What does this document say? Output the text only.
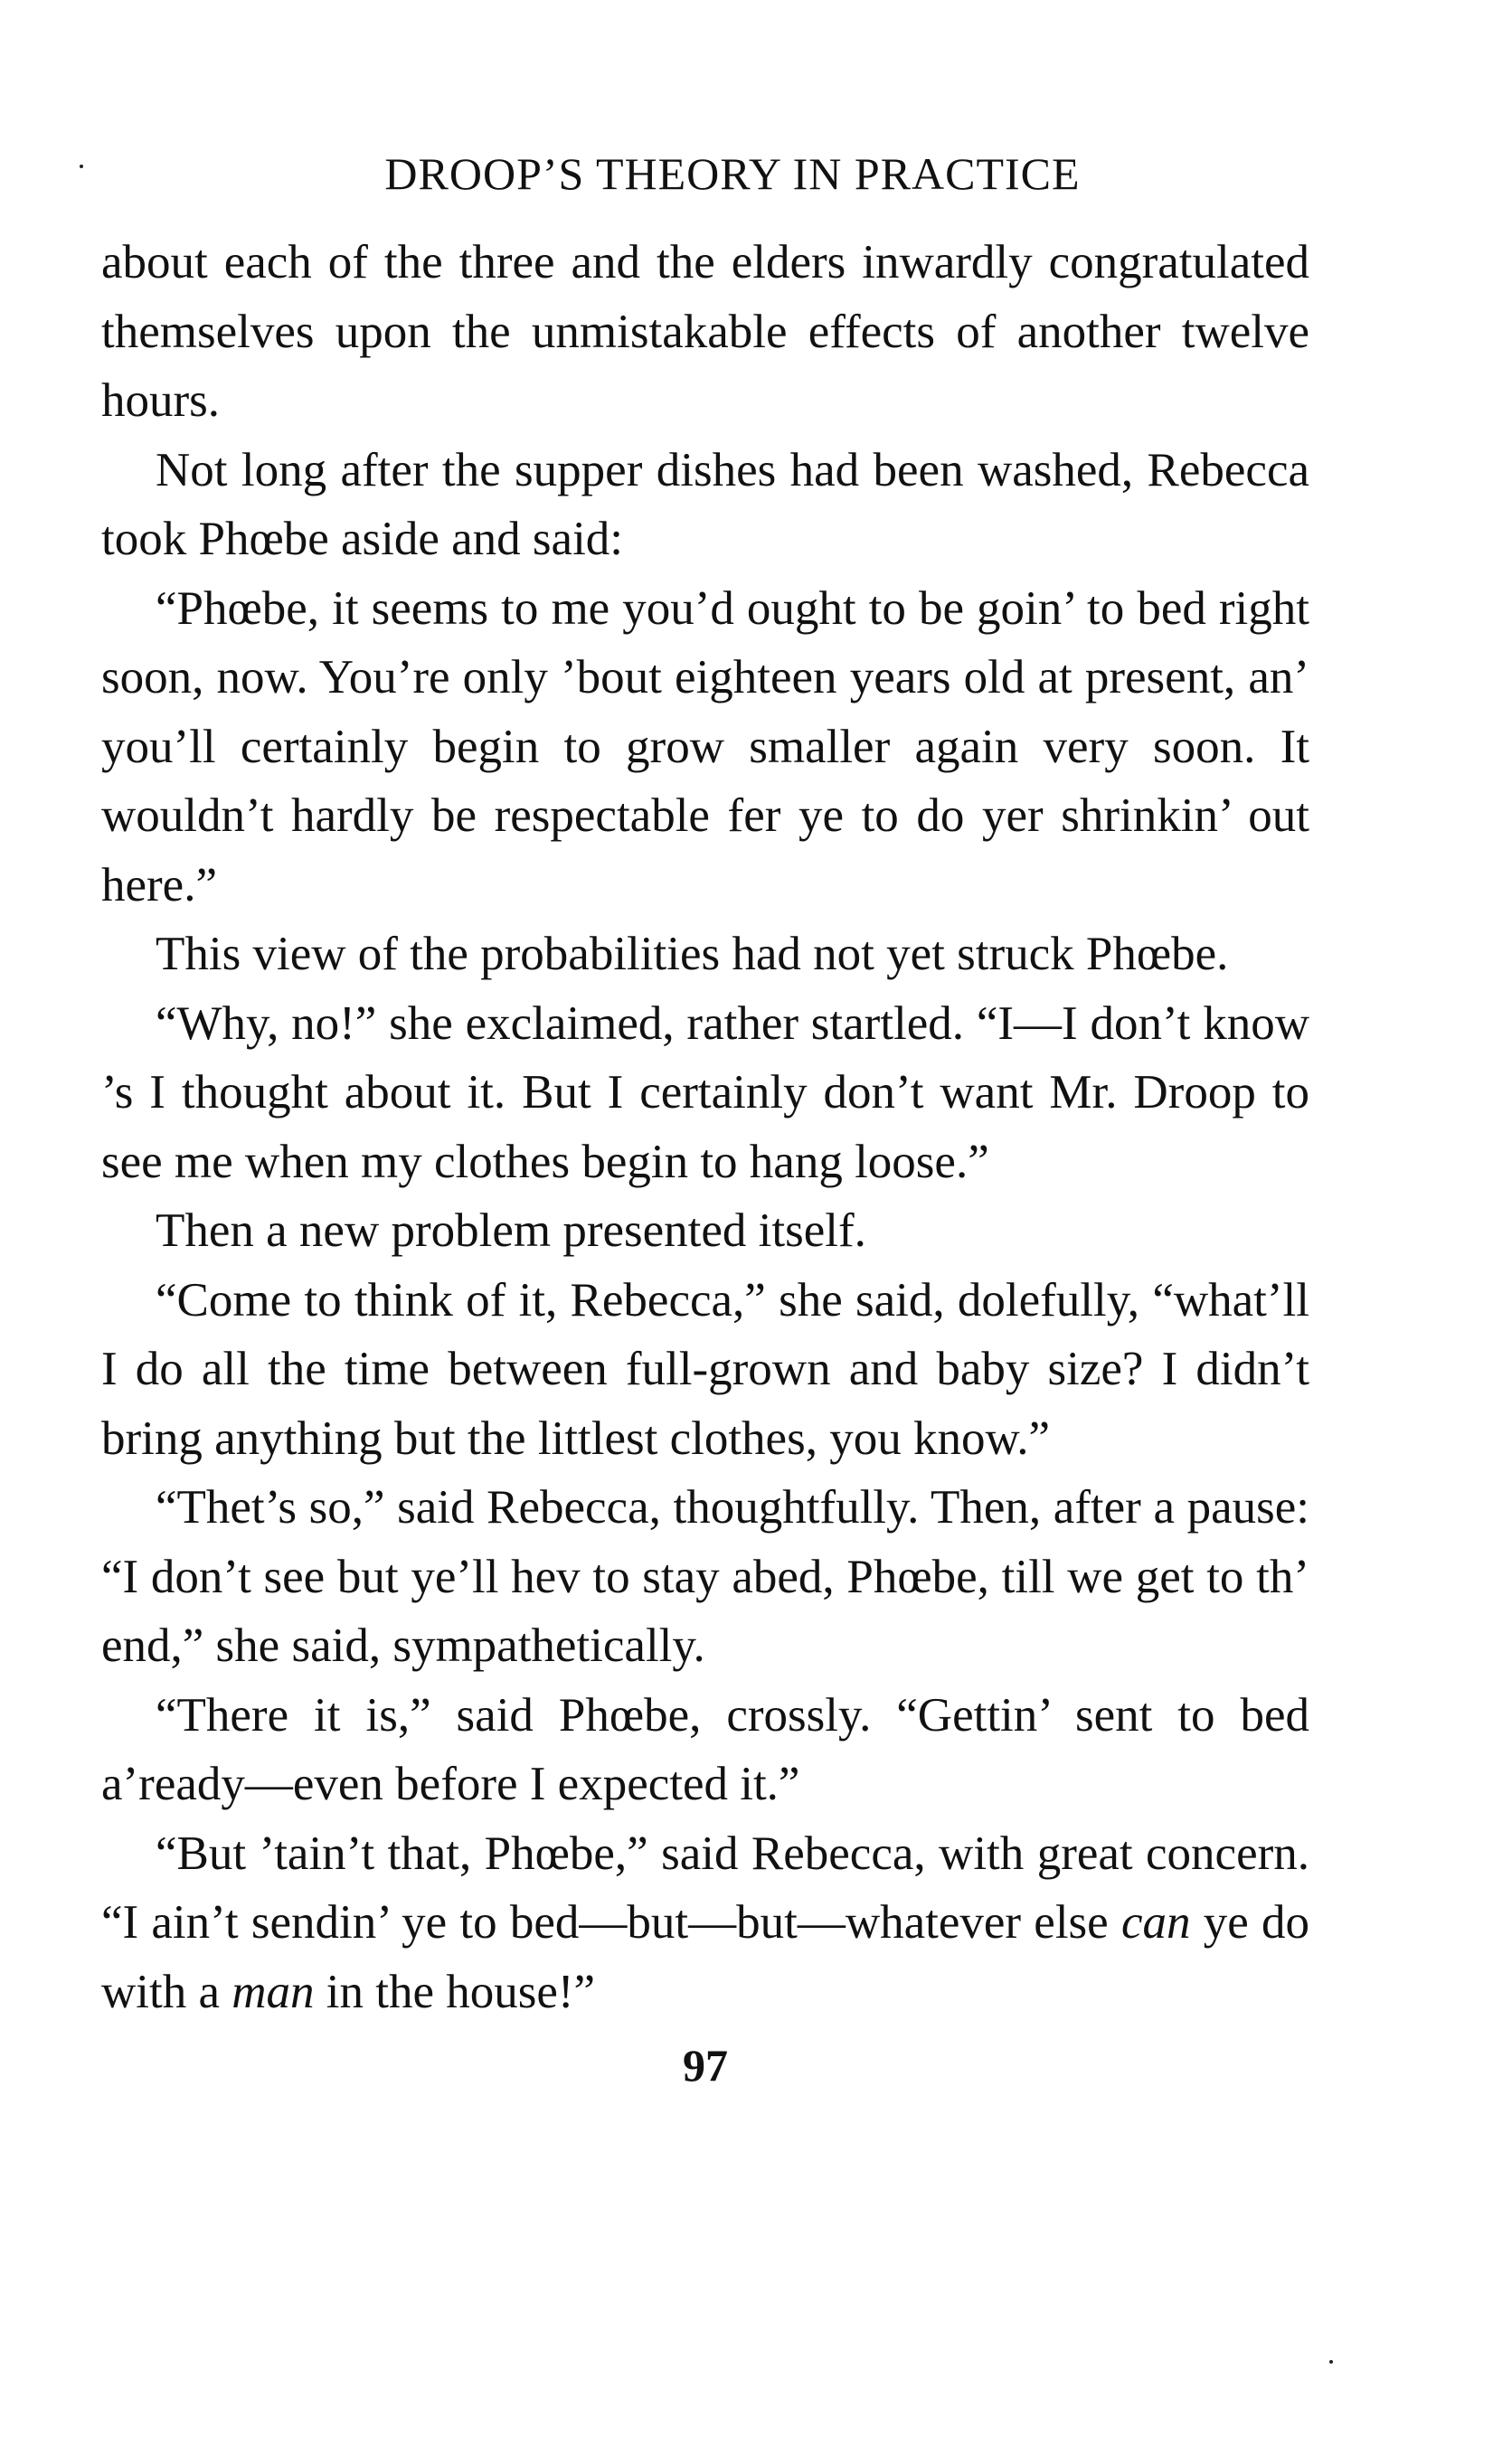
DROOP’S THEORY IN PRACTICE

about each of the three and the elders inwardly congratulated themselves upon the unmistakable effects of another twelve hours.

Not long after the supper dishes had been washed, Rebecca took Phœbe aside and said:

“Phœbe, it seems to me you’d ought to be goin’ to bed right soon, now. You’re only ’bout eighteen years old at present, an’ you’ll certainly begin to grow smaller again very soon. It wouldn’t hardly be respectable fer ye to do yer shrinkin’ out here.”

This view of the probabilities had not yet struck Phœbe.

“Why, no!” she exclaimed, rather startled. “I—I don’t know ’s I thought about it. But I certainly don’t want Mr. Droop to see me when my clothes begin to hang loose.”

Then a new problem presented itself.

“Come to think of it, Rebecca,” she said, dolefully, “what’ll I do all the time between full-grown and baby size? I didn’t bring anything but the littlest clothes, you know.”

“Thet’s so,” said Rebecca, thoughtfully. Then, after a pause: “I don’t see but ye’ll hev to stay abed, Phœbe, till we get to th’ end,” she said, sympathetically.

“There it is,” said Phœbe, crossly. “Gettin’ sent to bed a’ready—even before I expected it.”

“But ’tain’t that, Phœbe,” said Rebecca, with great concern. “I ain’t sendin’ ye to bed—but—but—whatever else can ye do with a man in the house!”

97
